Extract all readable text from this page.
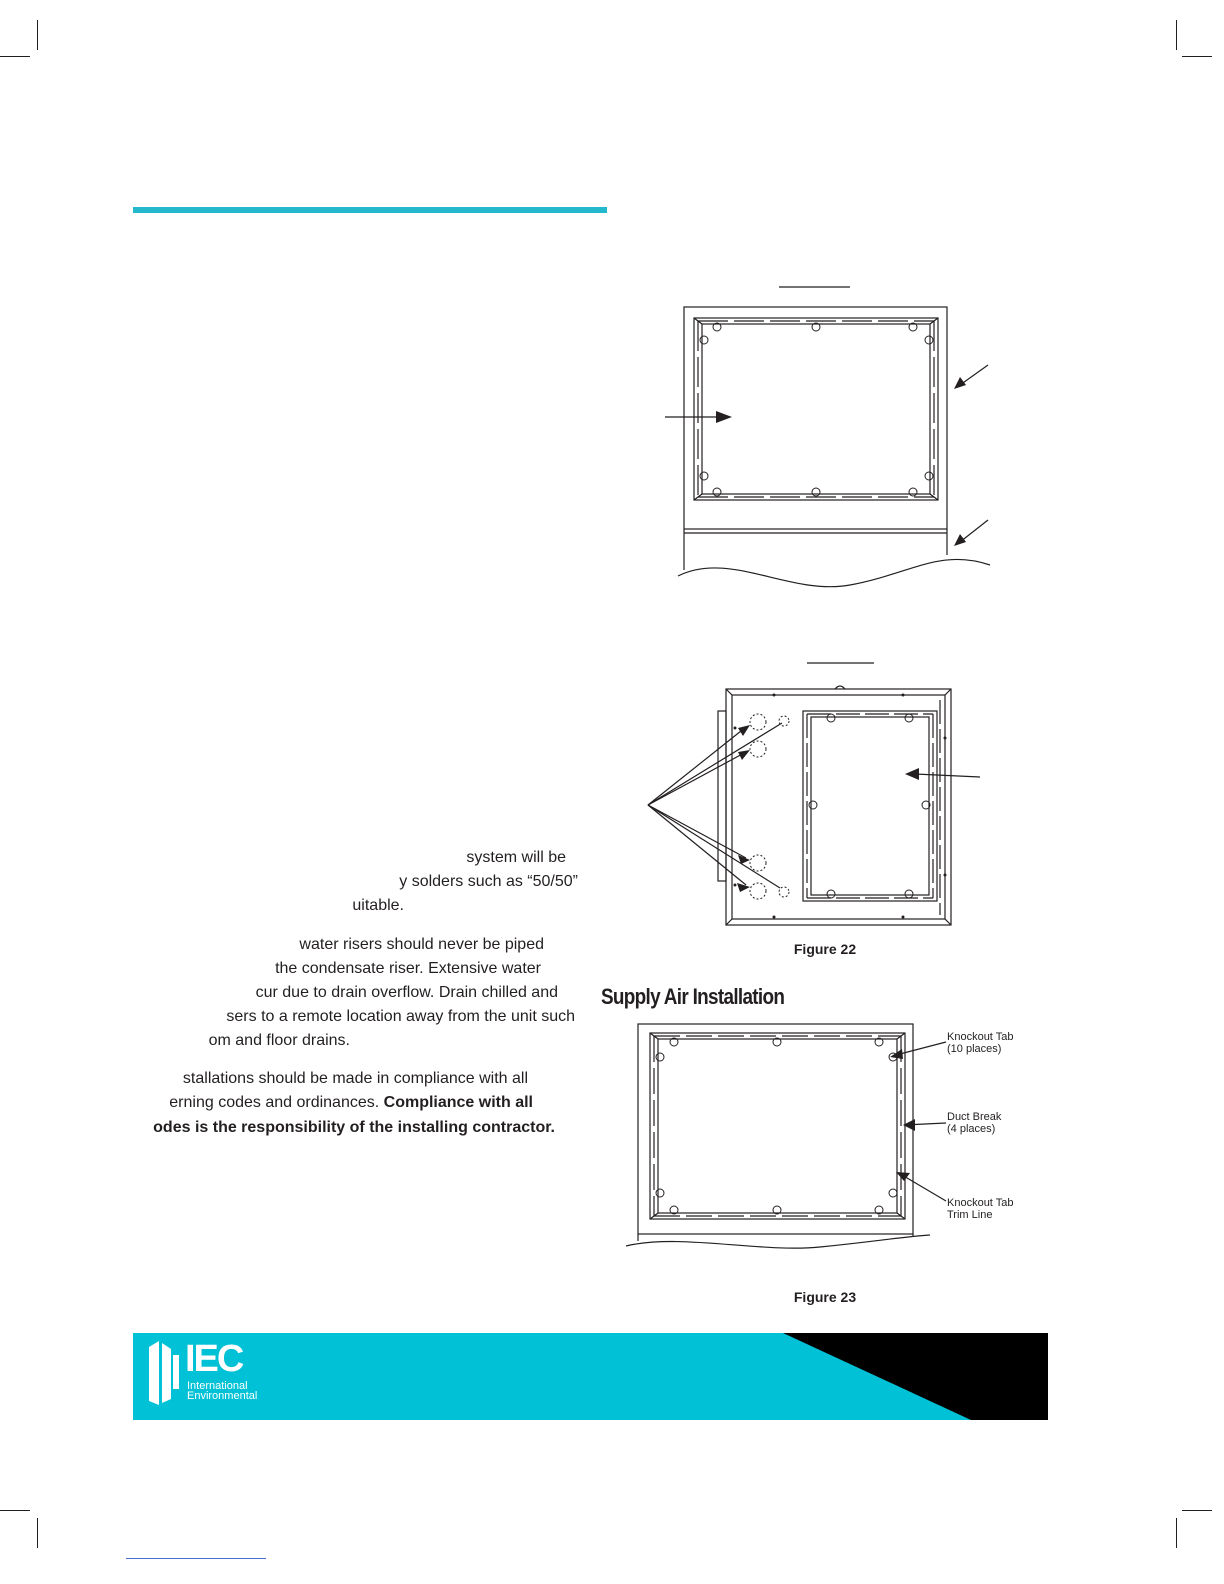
system will be
y solders such as “50/50”
uitable.
water risers should never be piped
the condensate riser. Extensive water
cur due to drain overflow. Drain chilled and
sers to a remote location away from the unit such
om and floor drains.
stallations should be made in compliance with all
erning codes and ordinances. Compliance with all
odes is the responsibility of the installing contractor.
Figure 22
Supply Air Installation
Knockout Tab
(10 places)
Duct Break
(4 places)
Knockout Tab
Trim Line
Figure 23
IEC
International
Environmental
